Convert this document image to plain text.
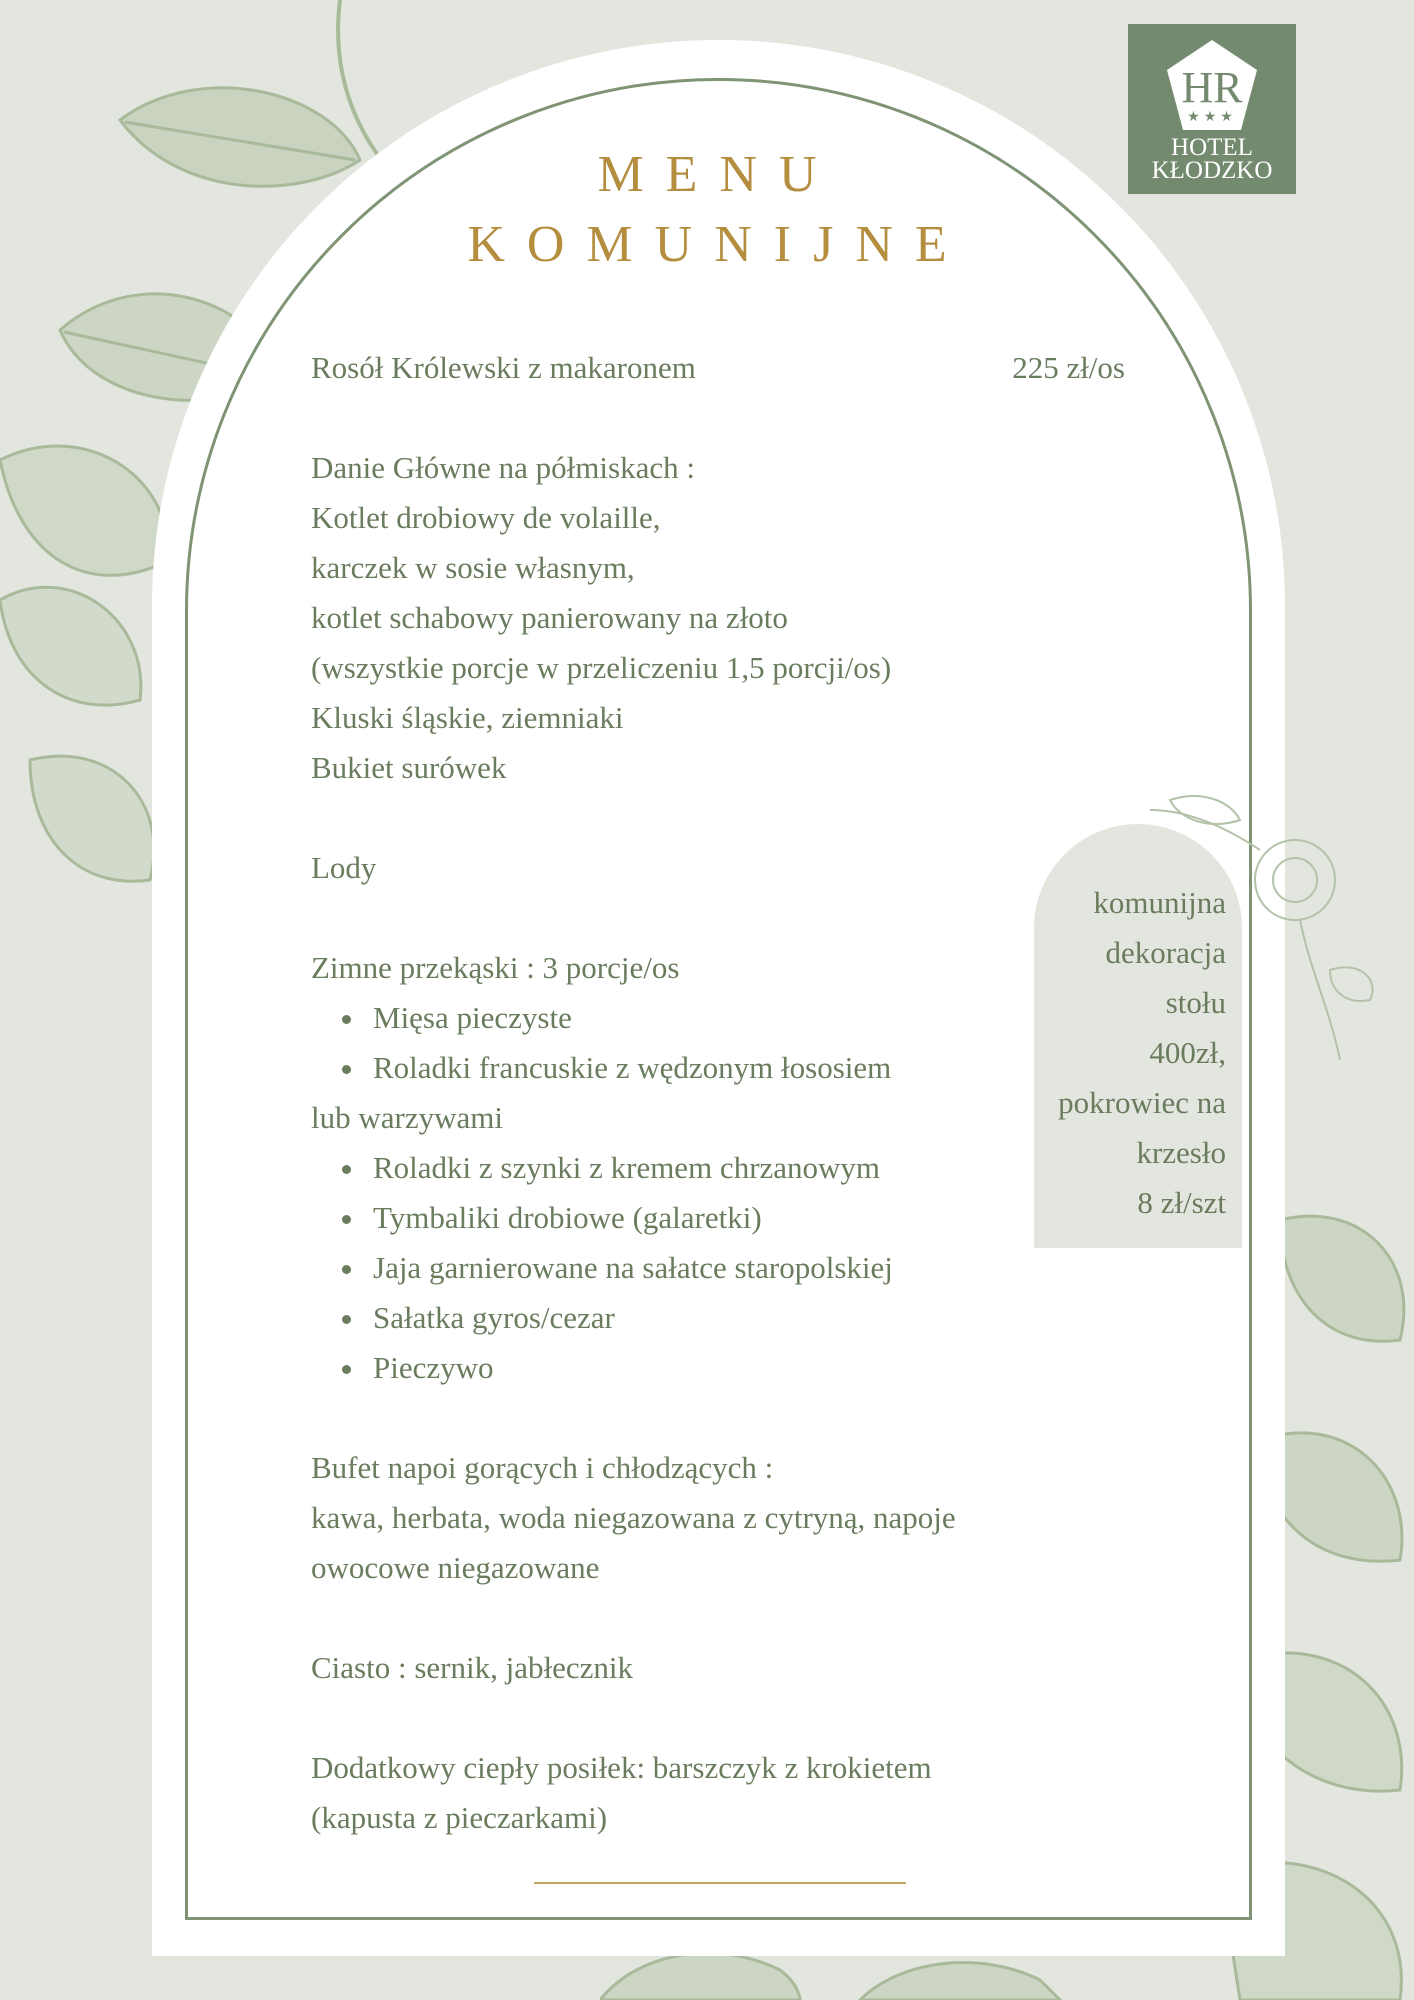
HR
★★★
HOTEL
KŁODZKO
MENU
KOMUNIJNE
225 zł/os
Rosół Królewski z makaronem
Danie Główne na półmiskach :
Kotlet drobiowy de volaille,
karczek w sosie własnym,
kotlet schabowy panierowany na złoto
(wszystkie porcje w przeliczeniu 1,5 porcji/os)
Kluski śląskie, ziemniaki
Bukiet surówek
Lody
Zimne przekąski : 3 porcje/os
Mięsa pieczyste
Roladki francuskie z wędzonym łososiem
lub warzywami
Roladki z szynki z kremem chrzanowym
Tymbaliki drobiowe (galaretki)
Jaja garnierowane na sałatce staropolskiej
Sałatka gyros/cezar
Pieczywo
Bufet napoi gorących i chłodzących :
kawa, herbata, woda niegazowana z cytryną, napoje
owocowe niegazowane
Ciasto : sernik, jabłecznik
Dodatkowy ciepły posiłek: barszczyk z krokietem
(kapusta z pieczarkami)
komunijna
dekoracja
stołu
400zł,
pokrowiec na
krzesło
8 zł/szt
